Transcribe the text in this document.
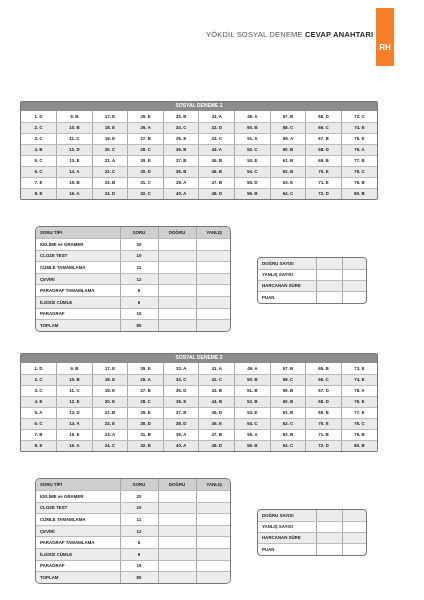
YÖKDİL SOSYAL DENEME CEVAP ANAHTARI
RH
SOSYAL DENEME 1
1. D	9. B	17. E	25. E	33. B	41. A	49. A	57. B	65. D	73. C
2. C	10. B	18. E	26. A	34. C	42. D	50. B	58. C	66. C	74. E
3. C	11. C	19. E	27. B	35. E	43. C	51. A	59. A	67. B	75. E
4. B	12. D	20. C	28. C	36. B	44. A	52. C	60. B	68. D	76. A
5. C	13. E	21. A	29. E	37. B	45. B	53. E	61. B	69. B	77. B
6. C	14. A	22. C	30. D	38. B	46. B	54. C	62. B	70. E	78. C
7. E	15. B	23. B	31. C	39. A	47. B	55. D	63. E	71. E	79. B
8. E	16. A	24. D	32. C	40. A	48. D	56. B	64. C	72. D	80. B
SORU TİPİ	SORU	DOĞRU	YANLIŞ
KELİME ve GRAMER	20		
CLOZE TEST	10		
CÜMLE TAMAMLAMA	11		
ÇEVİRİ	12		
PARAGRAF TAMAMLAMA	6		
İLGİSİZ CÜMLE	6		
PARAGRAF	15		
TOPLAM	80		
DOĞRU SAYISI		
YANLIŞ SAYISI		
HARCANAN SÜRE		
PUAN		
SOSYAL DENEME 2
1. D	9. B	17. E	25. E	33. A	41. A	49. A	57. B	65. B	73. E
2. C	10. B	18. E	26. A	34. C	42. C	50. B	58. C	66. C	74. E
3. C	11. C	19. E	27. B	35. D	43. B	51. B	59. B	67. D	75. A
4. E	12. E	20. E	28. C	36. E	44. B	52. B	60. B	68. D	76. E
5. A	13. D	21. B	29. E	37. B	45. D	53. E	61. B	69. B	77. E
6. C	14. A	22. E	30. D	38. D	46. E	54. C	62. C	70. E	78. C
7. B	15. E	23. A	31. B	39. A	47. B	55. A	63. B	71. B	79. B
8. E	16. A	24. C	32. B	40. A	48. D	56. B	64. C	72. D	80. B
SORU TİPİ	SORU	DOĞRU	YANLIŞ
KELİME ve GRAMER	20		
CLOZE TEST	10		
CÜMLE TAMAMLAMA	11		
ÇEVİRİ	12		
PARAGRAF TAMAMLAMA	6		
İLGİSİZ CÜMLE	6		
PARAGRAF	15		
TOPLAM	80		
DOĞRU SAYISI		
YANLIŞ SAYISI		
HARCANAN SÜRE		
PUAN		
